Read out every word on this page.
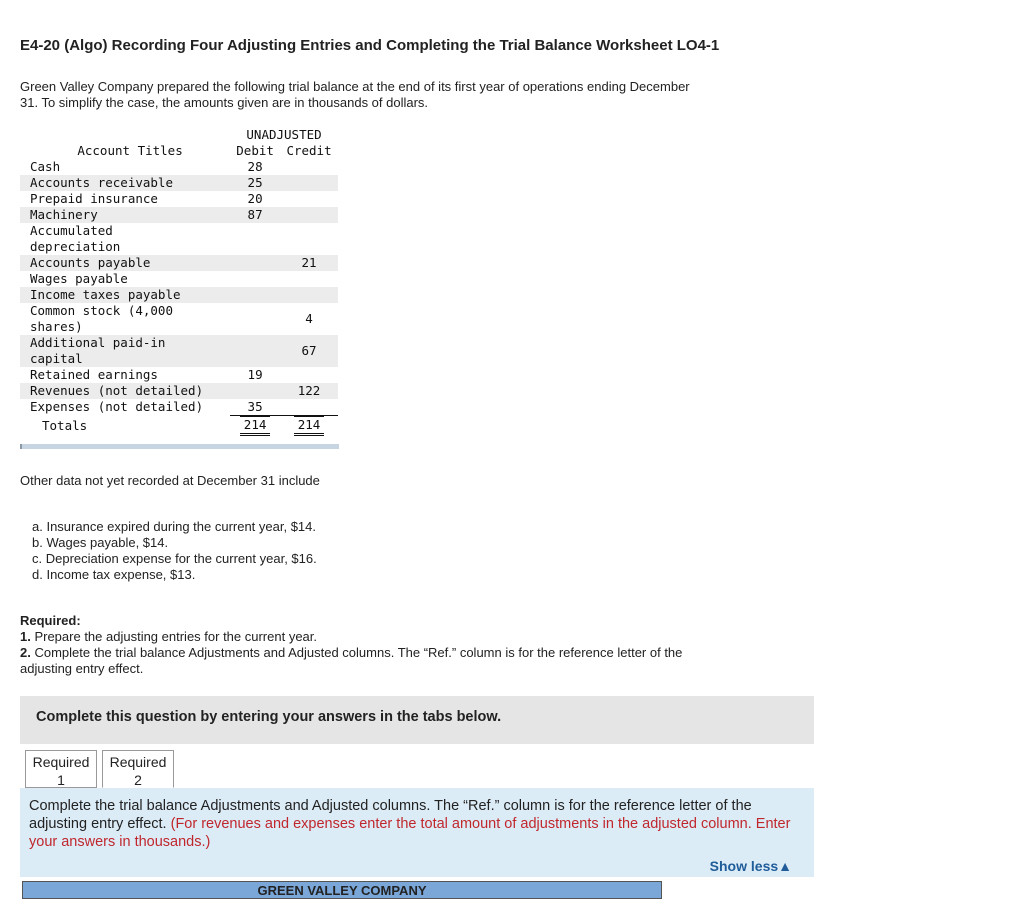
E4-20 (Algo) Recording Four Adjusting Entries and Completing the Trial Balance Worksheet LO4-1
Green Valley Company prepared the following trial balance at the end of its first year of operations ending December
31. To simplify the case, the amounts given are in thousands of dollars.
	UNADJUSTED	
Account Titles	Debit	Credit

Cash	28	

Accounts receivable	25	

Prepaid insurance	20	

Machinery	87	

Accumulated
depreciation		

Accounts payable		21

Wages payable		

Income taxes payable		

Common stock (4,000
shares)		4

Additional paid-in
capital		67

Retained earnings	19	

Revenues (not detailed)		122

Expenses (not detailed)	35	
Totals	214	214
Other data not yet recorded at December 31 include
a. Insurance expired during the current year, $14.
b. Wages payable, $14.
c. Depreciation expense for the current year, $16.
d. Income tax expense, $13.
Required:
1. Prepare the adjusting entries for the current year.
2. Complete the trial balance Adjustments and Adjusted columns. The “Ref.” column is for the reference letter of the
adjusting entry effect.
Complete this question by entering your answers in the tabs below.
Required
1

Complete the trial balance Adjustments and Adjusted columns. The “Ref.” column is for the reference letter of the adjusting entry effect. (For revenues and expenses enter the total amount of adjustments in the adjusted column. Enter your answers in thousands.)

Show less▲
Required
2
GREEN VALLEY COMPANY
